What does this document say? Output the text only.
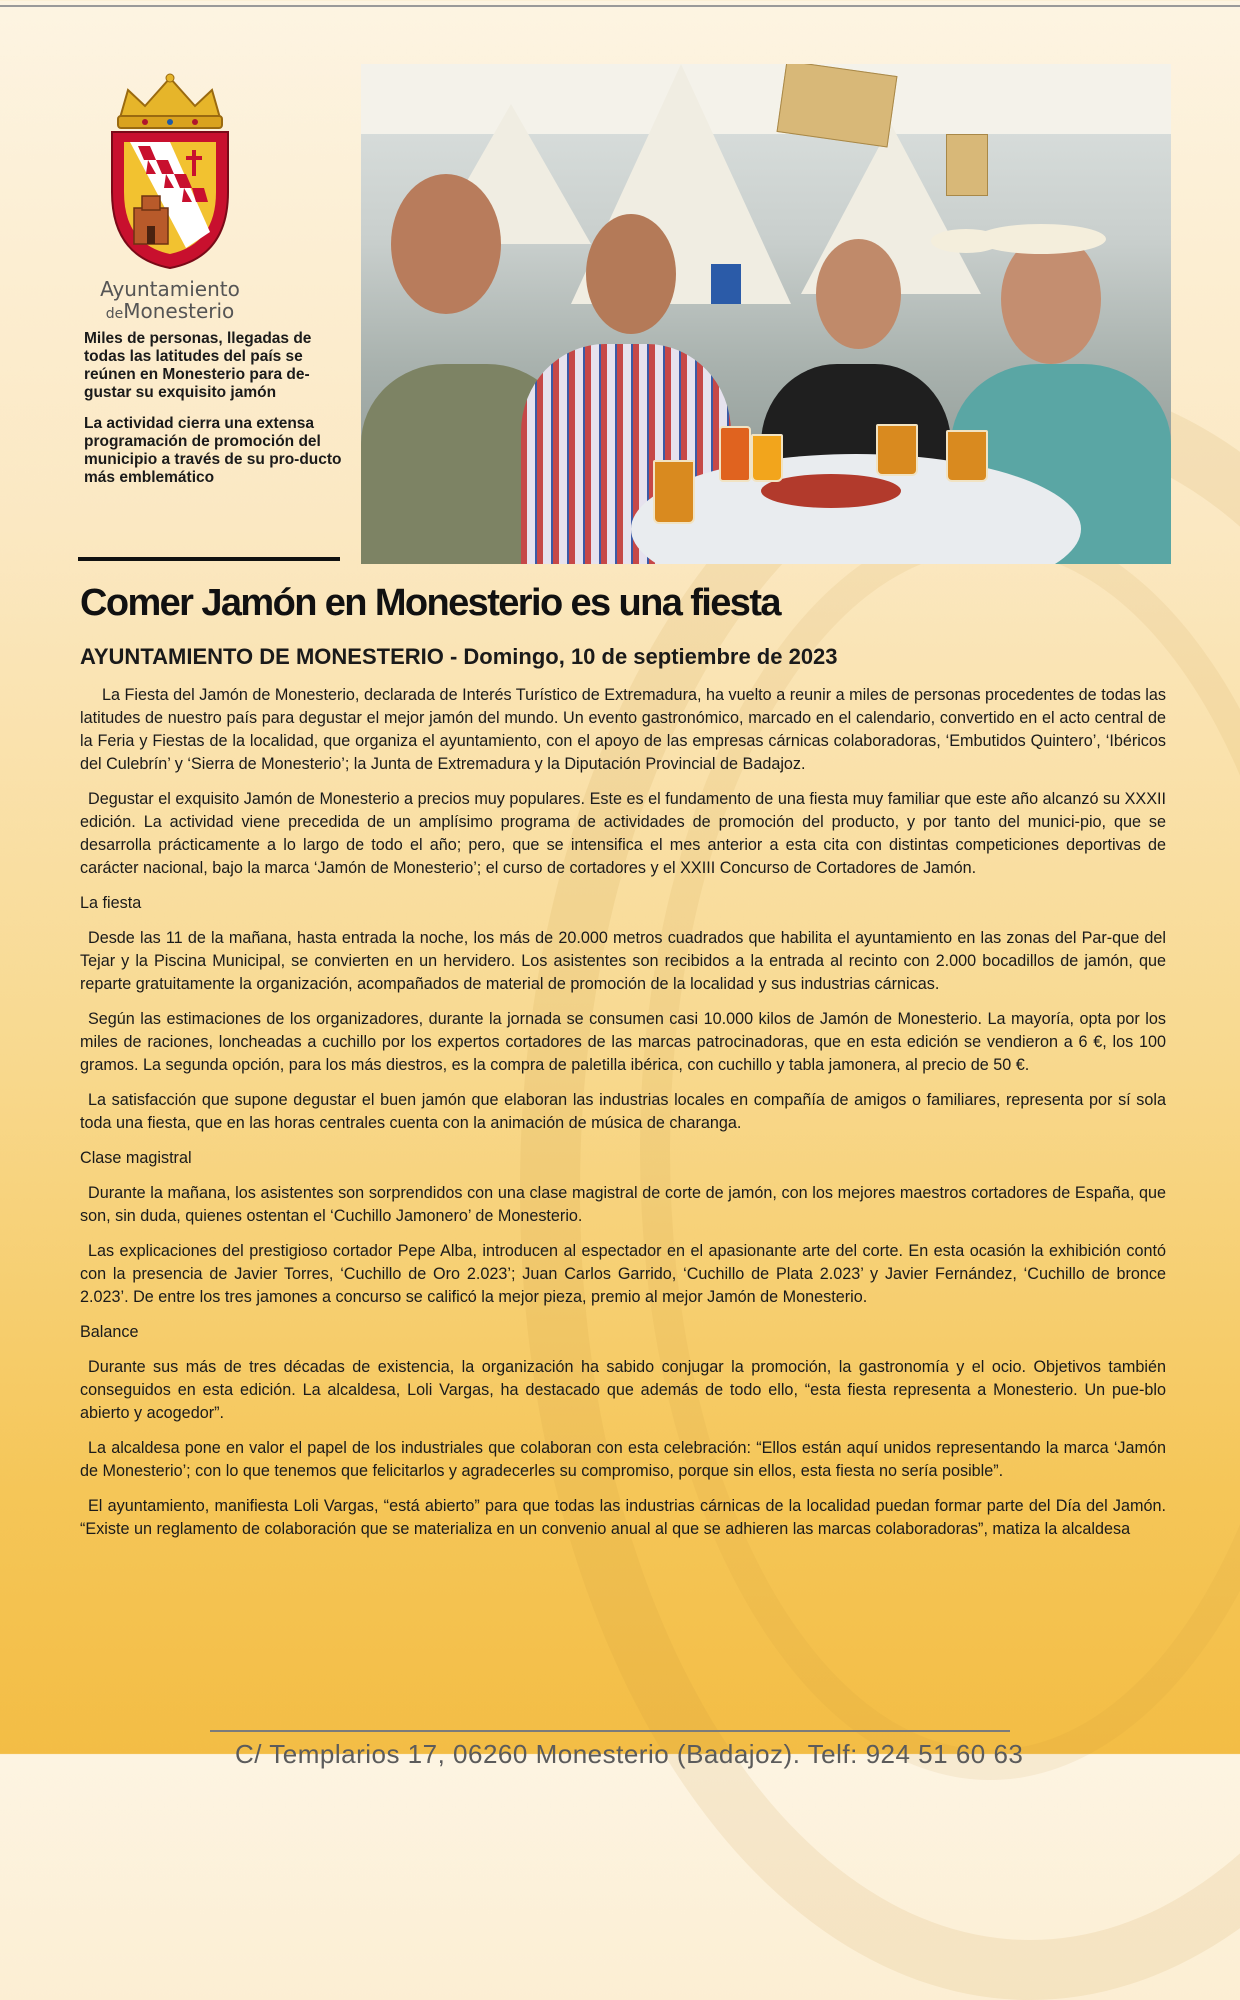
Ayuntamiento
deMonesterio

Miles de personas, llegadas de todas las latitudes del país se reúnen en Monesterio para de-gustar su exquisito jamón

La actividad cierra una extensa programación de promoción del municipio a través de su pro-ducto más emblemático

Comer Jamón en Monesterio es una fiesta
AYUNTAMIENTO DE MONESTERIO - Domingo, 10 de septiembre de 2023

La Fiesta del Jamón de Monesterio, declarada de Interés Turístico de Extremadura, ha vuelto a reunir a miles de personas procedentes de todas las latitudes de nuestro país para degustar el mejor jamón del mundo. Un evento gastronómico, marcado en el calendario, convertido en el acto central de la Feria y Fiestas de la localidad, que organiza el ayuntamiento, con el apoyo de las empresas cárnicas colaboradoras, ‘Embutidos Quintero’, ‘Ibéricos del Culebrín’ y ‘Sierra de Monesterio’; la Junta de Extremadura y la Diputación Provincial de Badajoz.

Degustar el exquisito Jamón de Monesterio a precios muy populares. Este es el fundamento de una fiesta muy familiar que este año alcanzó su XXXII edición. La actividad viene precedida de un amplísimo programa de actividades de promoción del producto, y por tanto del munici-pio, que se desarrolla prácticamente a lo largo de todo el año; pero, que se intensifica el mes anterior a esta cita con distintas competiciones deportivas de carácter nacional, bajo la marca ‘Jamón de Monesterio’; el curso de cortadores y el XXIII Concurso de Cortadores de Jamón.

La fiesta

Desde las 11 de la mañana, hasta entrada la noche, los más de 20.000 metros cuadrados que habilita el ayuntamiento en las zonas del Par-que del Tejar y la Piscina Municipal, se convierten en un hervidero. Los asistentes son recibidos a la entrada al recinto con 2.000 bocadillos de jamón, que reparte gratuitamente la organización, acompañados de material de promoción de la localidad y sus industrias cárnicas.

Según las estimaciones de los organizadores, durante la jornada se consumen casi 10.000 kilos de Jamón de Monesterio. La mayoría, opta por los miles de raciones, loncheadas a cuchillo por los expertos cortadores de las marcas patrocinadoras, que en esta edición se vendieron a 6 €, los 100 gramos. La segunda opción, para los más diestros, es la compra de paletilla ibérica, con cuchillo y tabla jamonera, al precio de 50 €.

La satisfacción que supone degustar el buen jamón que elaboran las industrias locales en compañía de amigos o familiares, representa por sí sola toda una fiesta, que en las horas centrales cuenta con la animación de música de charanga.

Clase magistral

Durante la mañana, los asistentes son sorprendidos con una clase magistral de corte de jamón, con los mejores maestros cortadores de España, que son, sin duda, quienes ostentan el ‘Cuchillo Jamonero’ de Monesterio.

Las explicaciones del prestigioso cortador Pepe Alba, introducen al espectador en el apasionante arte del corte. En esta ocasión la exhibición contó con la presencia de Javier Torres, ‘Cuchillo de Oro 2.023’; Juan Carlos Garrido, ‘Cuchillo de Plata 2.023’ y Javier Fernández, ‘Cuchillo de bronce 2.023’. De entre los tres jamones a concurso se calificó la mejor pieza, premio al mejor Jamón de Monesterio.

Balance

Durante sus más de tres décadas de existencia, la organización ha sabido conjugar la promoción, la gastronomía y el ocio. Objetivos también conseguidos en esta edición. La alcaldesa, Loli Vargas, ha destacado que además de todo ello, “esta fiesta representa a Monesterio. Un pue-blo abierto y acogedor”.

La alcaldesa pone en valor el papel de los industriales que colaboran con esta celebración: “Ellos están aquí unidos representando la marca ‘Jamón de Monesterio’; con lo que tenemos que felicitarlos y agradecerles su compromiso, porque sin ellos, esta fiesta no sería posible”.

El ayuntamiento, manifiesta Loli Vargas, “está abierto” para que todas las industrias cárnicas de la localidad puedan formar parte del Día del Jamón. “Existe un reglamento de colaboración que se materializa en un convenio anual al que se adhieren las marcas colaboradoras”, matiza la alcaldesa

C/ Templarios 17, 06260 Monesterio (Badajoz). Telf: 924 51 60 63
